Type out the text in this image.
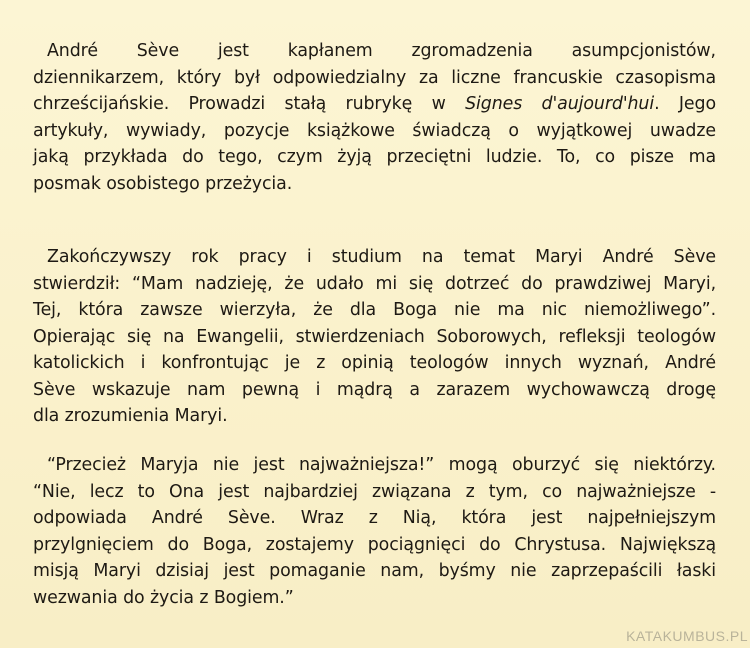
André Sève jest kapłanem zgromadzenia asumpcjonistów,
dziennikarzem, który był odpowiedzialny za liczne francuskie czasopisma
chrześcijańskie. Prowadzi stałą rubrykę w Signes d'aujourd'hui. Jego
artykuły, wywiady, pozycje książkowe świadczą o wyjątkowej uwadze
jaką przykłada do tego, czym żyją przeciętni ludzie. To, co pisze ma
posmak osobistego przeżycia.
Zakończywszy rok pracy i studium na temat Maryi André Sève
stwierdził: “Mam nadzieję, że udało mi się dotrzeć do prawdziwej Maryi,
Tej, która zawsze wierzyła, że dla Boga nie ma nic niemożliwego”.
Opierając się na Ewangelii, stwierdzeniach Soborowych, refleksji teologów
katolickich i konfrontując je z opinią teologów innych wyznań, André
Sève wskazuje nam pewną i mądrą a zarazem wychowawczą drogę
dla zrozumienia Maryi.
“Przecież Maryja nie jest najważniejsza!” mogą oburzyć się niektórzy.
“Nie, lecz to Ona jest najbardziej związana z tym, co najważniejsze -
odpowiada André Sève. Wraz z Nią, która jest najpełniejszym
przylgnięciem do Boga, zostajemy pociągnięci do Chrystusa. Największą
misją Maryi dzisiaj jest pomaganie nam, byśmy nie zaprzepaścili łaski
wezwania do życia z Bogiem.”
KATAKUMBUS.PL
